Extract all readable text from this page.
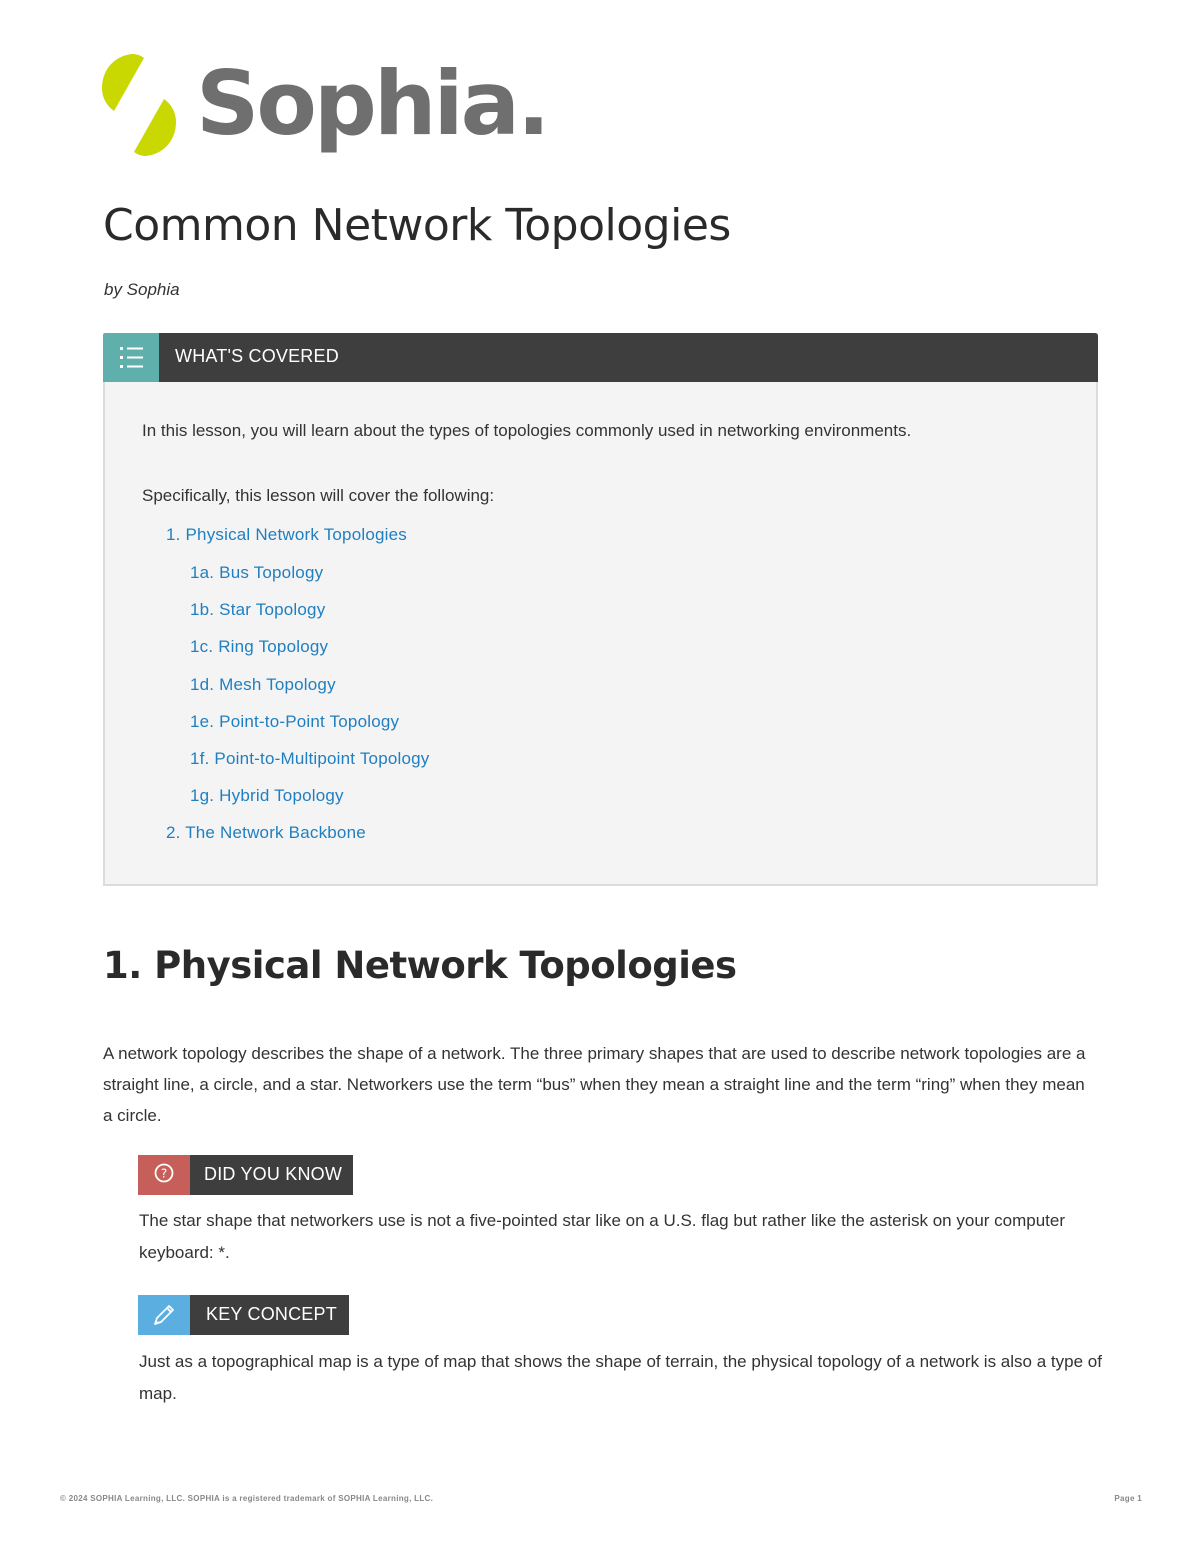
Sophia.
Common Network Topologies
by Sophia
WHAT'S COVERED
In this lesson, you will learn about the types of topologies commonly used in networking environments.
Specifically, this lesson will cover the following:
1. Physical Network Topologies
1a. Bus Topology
1b. Star Topology
1c. Ring Topology
1d. Mesh Topology
1e. Point-to-Point Topology
1f. Point-to-Multipoint Topology
1g. Hybrid Topology
2. The Network Backbone
1. Physical Network Topologies

A network topology describes the shape of a network. The three primary shapes that are used to describe network topologies are a straight line, a circle, and a star. Networkers use the term “bus” when they mean a straight line and the term “ring” when they mean a circle.

? DID YOU KNOW

The star shape that networkers use is not a five-pointed star like on a U.S. flag but rather like the asterisk on your computer keyboard: *.

KEY CONCEPT

Just as a topographical map is a type of map that shows the shape of terrain, the physical topology of a network is also a type of map.

© 2024 SOPHIA Learning, LLC. SOPHIA is a registered trademark of SOPHIA Learning, LLC.	Page 1
